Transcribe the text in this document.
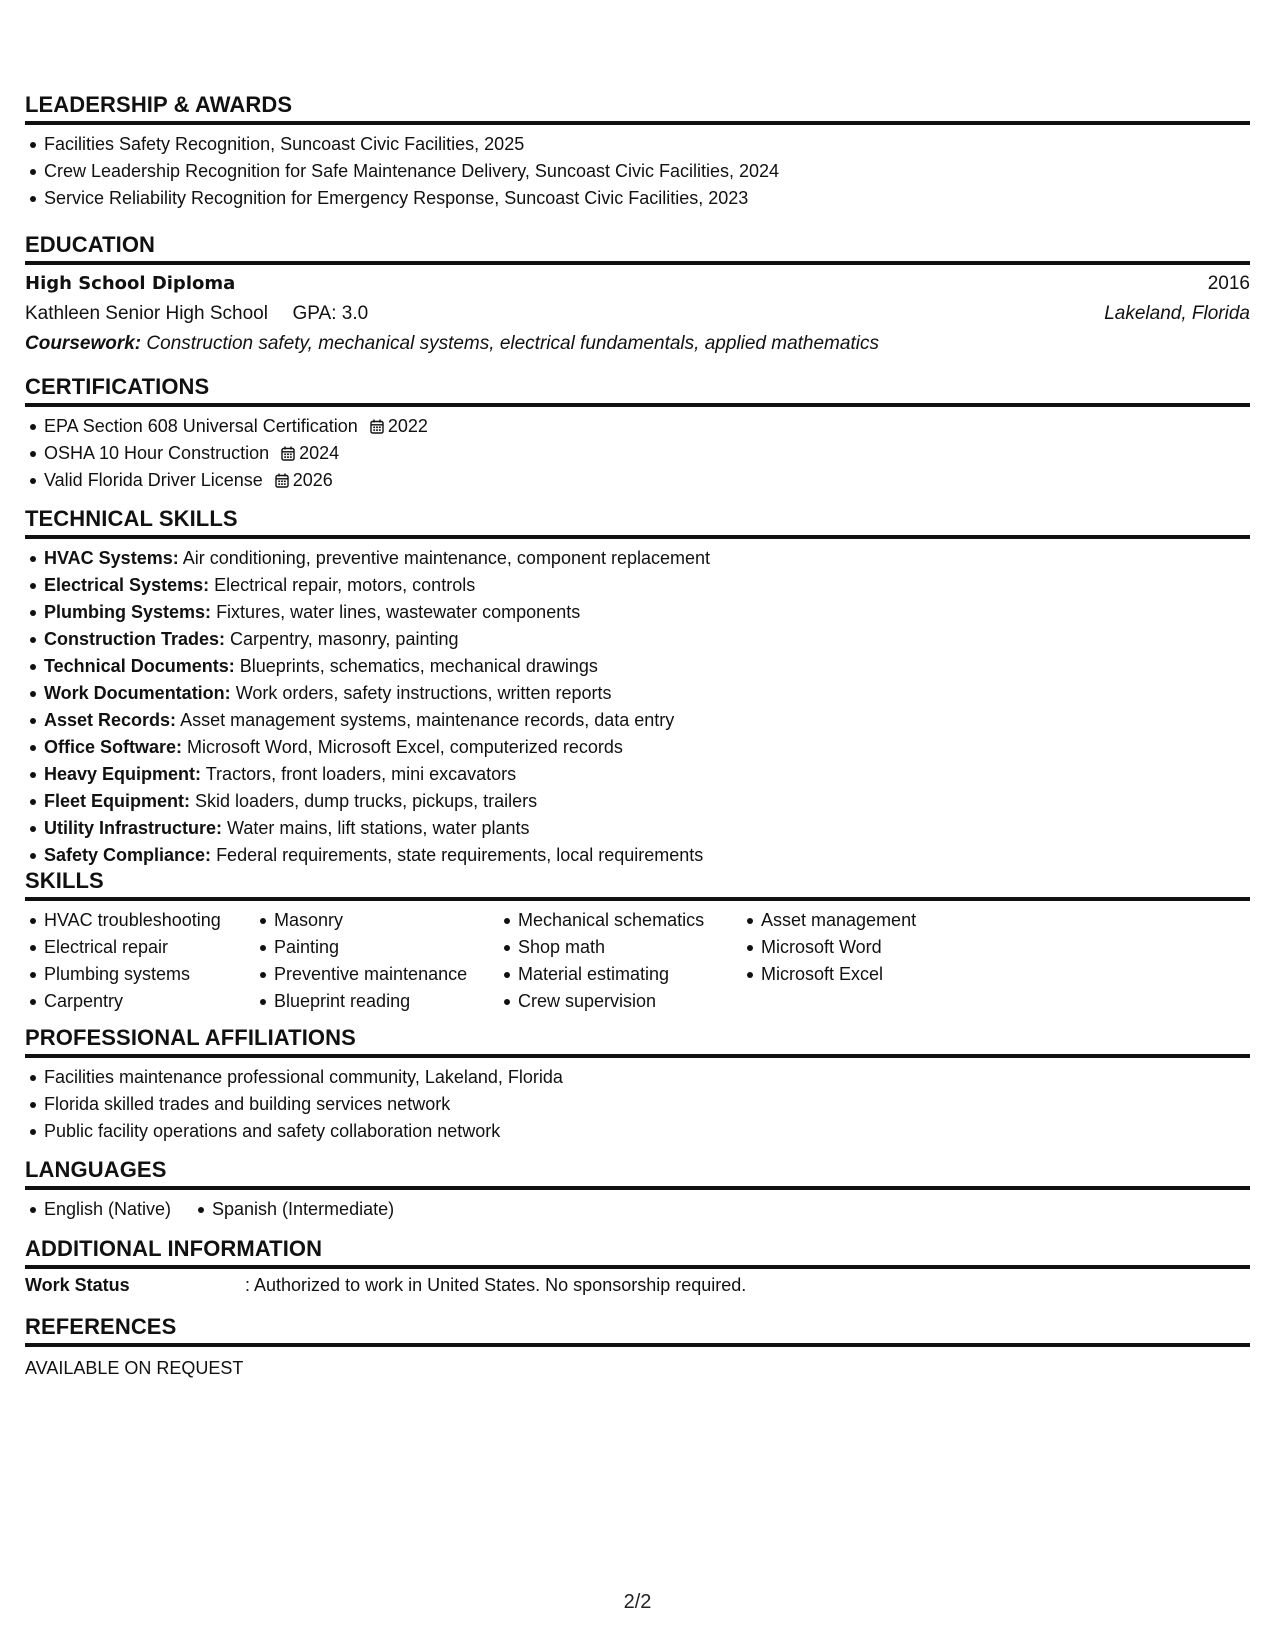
LEADERSHIP & AWARDS
Facilities Safety Recognition, Suncoast Civic Facilities, 2025
Crew Leadership Recognition for Safe Maintenance Delivery, Suncoast Civic Facilities, 2024
Service Reliability Recognition for Emergency Response, Suncoast Civic Facilities, 2023
EDUCATION
High School Diploma	2016
Kathleen Senior High School GPA: 3.0	Lakeland, Florida
Coursework: Construction safety, mechanical systems, electrical fundamentals, applied mathematics
CERTIFICATIONS
EPA Section 608 Universal Certification 2022
OSHA 10 Hour Construction 2024
Valid Florida Driver License 2026
TECHNICAL SKILLS
HVAC Systems: Air conditioning, preventive maintenance, component replacement
Electrical Systems: Electrical repair, motors, controls
Plumbing Systems: Fixtures, water lines, wastewater components
Construction Trades: Carpentry, masonry, painting
Technical Documents: Blueprints, schematics, mechanical drawings
Work Documentation: Work orders, safety instructions, written reports
Asset Records: Asset management systems, maintenance records, data entry
Office Software: Microsoft Word, Microsoft Excel, computerized records
Heavy Equipment: Tractors, front loaders, mini excavators
Fleet Equipment: Skid loaders, dump trucks, pickups, trailers
Utility Infrastructure: Water mains, lift stations, water plants
Safety Compliance: Federal requirements, state requirements, local requirements
SKILLS
HVAC troubleshooting
Electrical repair
Plumbing systems
Carpentry
Masonry
Painting
Preventive maintenance
Blueprint reading
Mechanical schematics
Shop math
Material estimating
Crew supervision
Asset management
Microsoft Word
Microsoft Excel
PROFESSIONAL AFFILIATIONS
Facilities maintenance professional community, Lakeland, Florida
Florida skilled trades and building services network
Public facility operations and safety collaboration network
LANGUAGES
English (Native)	Spanish (Intermediate)
ADDITIONAL INFORMATION
Work Status	: Authorized to work in United States. No sponsorship required.
REFERENCES
AVAILABLE ON REQUEST
2/2
